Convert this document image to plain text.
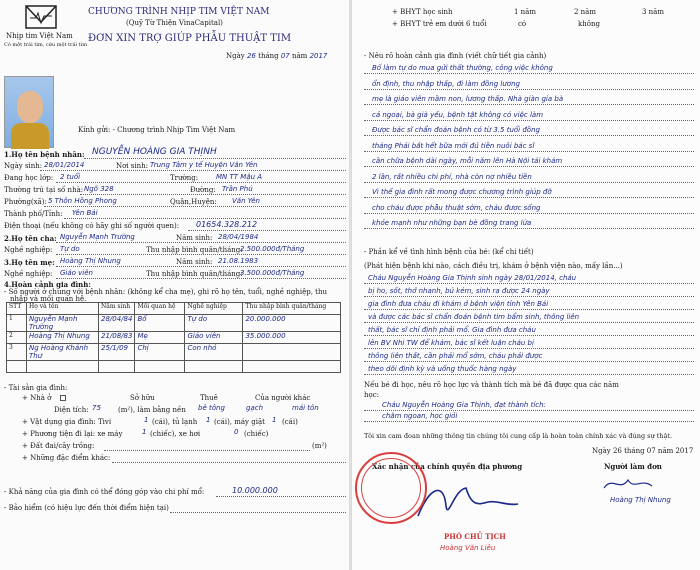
Nhịp tim Việt Nam
Có một trái tim, cứu một trái tim
CHƯƠNG TRÌNH NHỊP TIM VIỆT NAM
(Quỹ Từ Thiện VinaCapital)
ĐƠN XIN TRỢ GIÚP PHẪU THUẬT TIM
Ngày 26 tháng 07 năm 2017
Kính gửi: - Chương trình Nhịp Tim Việt Nam
1.Họ tên bệnh nhân: NGUYỄN HOÀNG GIA THỊNH
Ngày sinh: 28/01/2014	Nơi sinh: Trung Tâm y tế Huyện Văn Yên
Đang học lớp: 2 tuổi	Trường:	MN TT Mậu A
Thường trú tại số nhà: Ngõ 328	Đường: Trần Phú
Phường(xã): 5 Thôn Hồng Phong	Quận,Huyện: Văn Yên
Thành phố/Tỉnh: Yên Bái
Điện thoại (nếu không có hãy ghi số người quen): 01654.328.212
2.Họ tên cha: Nguyễn Mạnh Trường	Năm sinh: 28/04/1984
Nghề nghiệp: Tự do	Thu nhập bình quân/tháng:
2.500.000đ/Tháng
3.Họ tên mẹ: Hoàng Thị Nhung	Năm sinh: 21.08.1983
Nghề nghiệp: Giáo viên	Thu nhập bình quân/tháng:
3.500.000đ/Tháng
4.Hoàn cảnh gia đình:
- Số người ở chung với bệnh nhân: (không kể cha mẹ), ghi rõ họ tên, tuổi, nghề nghiệp, thu
nhập và mối quan hệ.
STT	Họ và tên	Năm sinh	Mối quan hệ	Nghề nghiệp	Thu nhập bình quân/tháng
1	Nguyễn Mạnh Trường	28/04/84	Bố	Tự do	20.000.000
2	Hoàng Thị Nhung	21/08/83	Mẹ	Giáo viên	35.000.000
3	Ng Hoàng Khánh Thư	25/1/09	Chị	Con nhỏ	

- Tài sản gia đình:
+ Nhà ở	Sở hữu	Thuê	Của người khác
Diện tích: 75 (m²), làm bằng nền bê tông	gạch	mái tôn
+ Vật dụng gia đình: Tivi	1 (cái), tủ lạnh 1 (cái), máy giặt 1 (cái)
+ Phương tiện đi lại: xe máy	1 (chiếc), xe hơi	0 (chiếc)
+ Đất đai/cây trồng:	(m²)
+ Những đặc điểm khác:
- Khả năng của gia đình có thể đóng góp vào chi phí mổ:	10.000.000
- Bảo hiểm (có hiệu lực đến thời điểm hiện tại)
+ BHYT học sinh	1 năm	2 năm	3 năm
+ BHYT trẻ em dưới 6 tuổi	có	không
- Nêu rõ hoàn cảnh gia đình (viết chữ tiết gia cảnh)
Bố làm tự do mua gửi thất thường, công việc không
ổn định, thu nhập thấp, đi làm đồng lương
mẹ là giáo viên mầm non, lương thấp. Nhà giàn gia bà
cả ngoại, bà già yếu, bệnh tật không có việc làm
Được bác sĩ chẩn đoán bệnh có từ 3.5 tuổi đồng
tháng Phải bắt hết bữa mới đủ tiền nuôi bác sĩ
cần chữa bệnh dài ngày, mỗi năm lên Hà Nội tái khám
2 lần, rất nhiều chi phí, nhà còn nợ nhiều tiền
Vì thế gia đình rất mong được chương trình giúp đỡ
cho cháu được phẫu thuật sớm, cháu được sống
khỏe mạnh như những bạn bè đồng trang lứa
- Phần kể về tình hình bệnh của bé: (kể chi tiết)
(Phát hiện bệnh khi nào, cách điều trị, khám ở bệnh viện nào, mấy lần...)
Cháu Nguyễn Hoàng Gia Thịnh sinh ngày 28/01/2014, cháu
bị ho, sốt, thở nhanh, bú kém, sinh ra được 24 ngày
gia đình đưa cháu đi khám ở bệnh viện tỉnh Yên Bái
và được các bác sĩ chẩn đoán bệnh tim bẩm sinh, thông liên
thất, bác sĩ chỉ định phải mổ. Gia đình đưa cháu
lên BV Nhi TW để khám, bác sĩ kết luận cháu bị
thông liên thất, cần phải mổ sớm, cháu phải được
theo dõi định kỳ và uống thuốc hàng ngày
Nếu bé đi học, nêu rõ học lực và thành tích mà bé đã được qua các năm
học:
Cháu Nguyễn Hoàng Gia Thịnh, đạt thành tích:
chăm ngoan, học giỏi
Tôi xin cam đoan những thông tin chúng tôi cung cấp là hoàn toàn chính xác và đúng sự thật.
Ngày 26 tháng 07 năm 2017
Xác nhận của chính quyền địa phương	Người làm đơn
Hoàng Thị Nhung
PHÓ CHỦ TỊCH
Hoàng Văn Liêu
